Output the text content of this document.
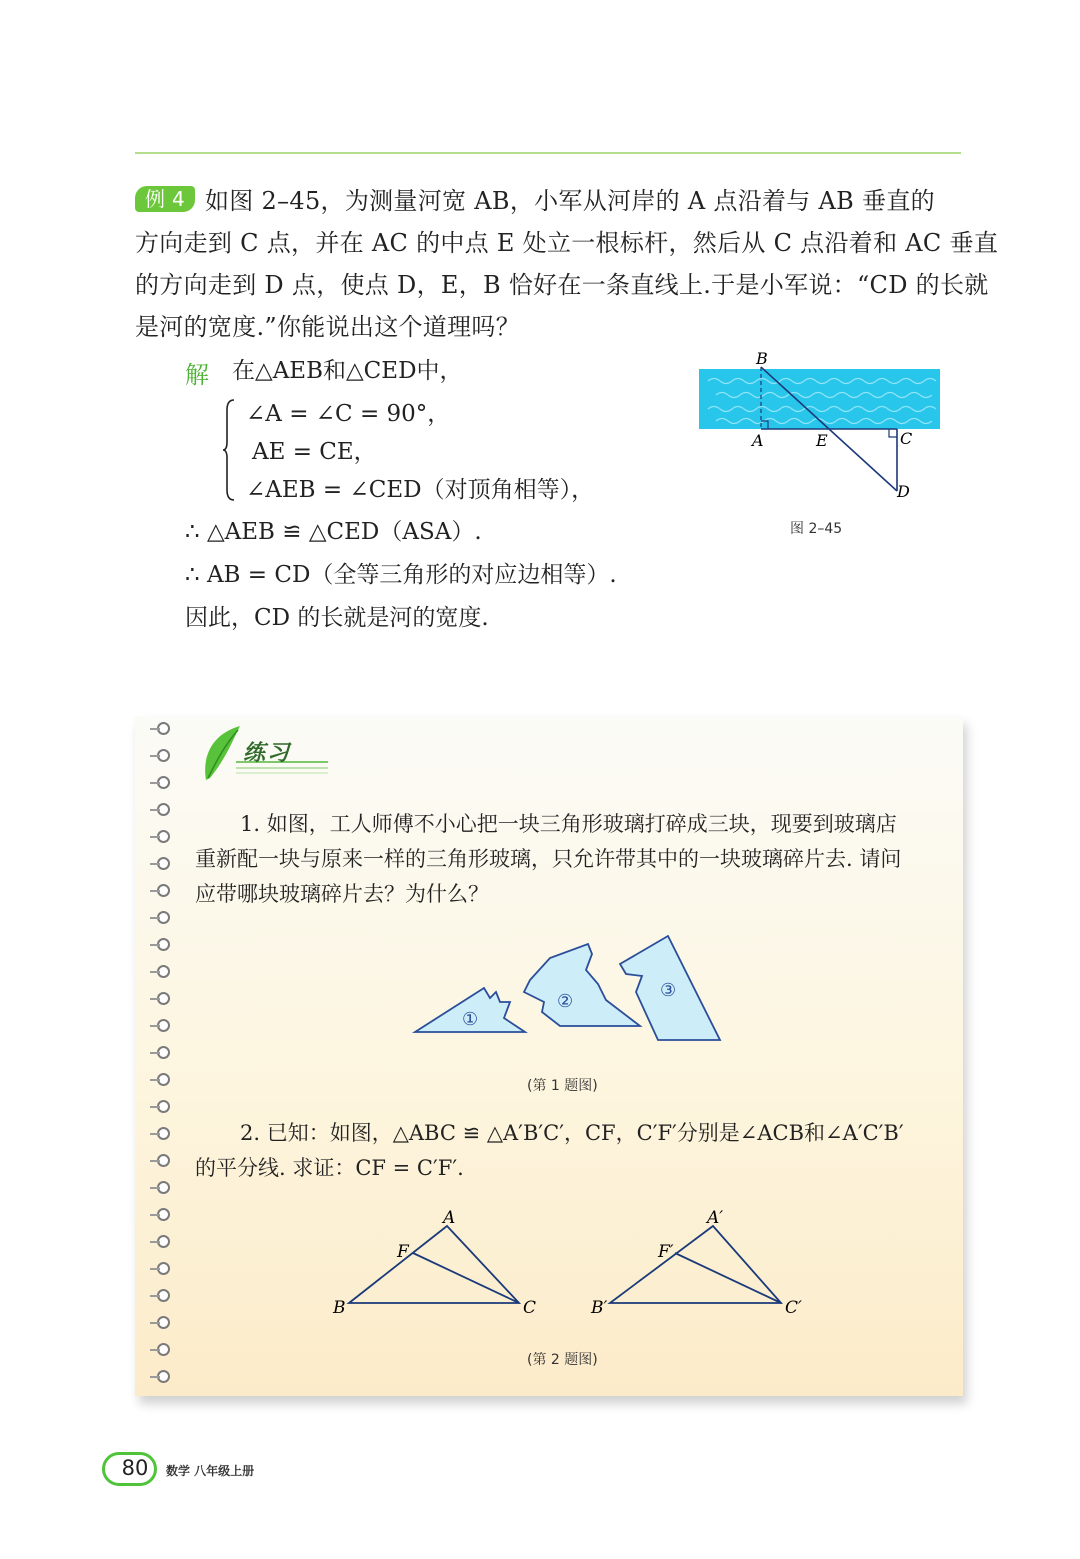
例 4 如图 2–45，为测量河宽 AB，小军从河岸的 A 点沿着与 AB 垂直的
方向走到 C 点，并在 AC 的中点 E 处立一根标杆，然后从 C 点沿着和 AC 垂直
的方向走到 D 点，使点 D，E，B 恰好在一条直线上.于是小军说：“CD 的长就
是河的宽度.”你能说出这个道理吗？
解 在△AEB和△CED中，
∠A = ∠C = 90°，
AE = CE，
∠AEB = ∠CED（对顶角相等），
∴ △AEB ≌ △CED（ASA）.
∴ AB = CD（全等三角形的对应边相等）.
因此，CD 的长就是河的宽度.
B
A	E	C
D
图 2–45
练习
1. 如图，工人师傅不小心把一块三角形玻璃打碎成三块，现要到玻璃店
重新配一块与原来一样的三角形玻璃，只允许带其中的一块玻璃碎片去. 请问
应带哪块玻璃碎片去？为什么？
①
②
③
(第 1 题图)
2. 已知：如图，△ABC ≌ △A′B′C′，CF，C′F′分别是∠ACB和∠A′C′B′
的平分线. 求证：CF = C′F′.
A
F
B	C
A′
F′
B′	C′
(第 2 题图)
80	数学 八年级上册
